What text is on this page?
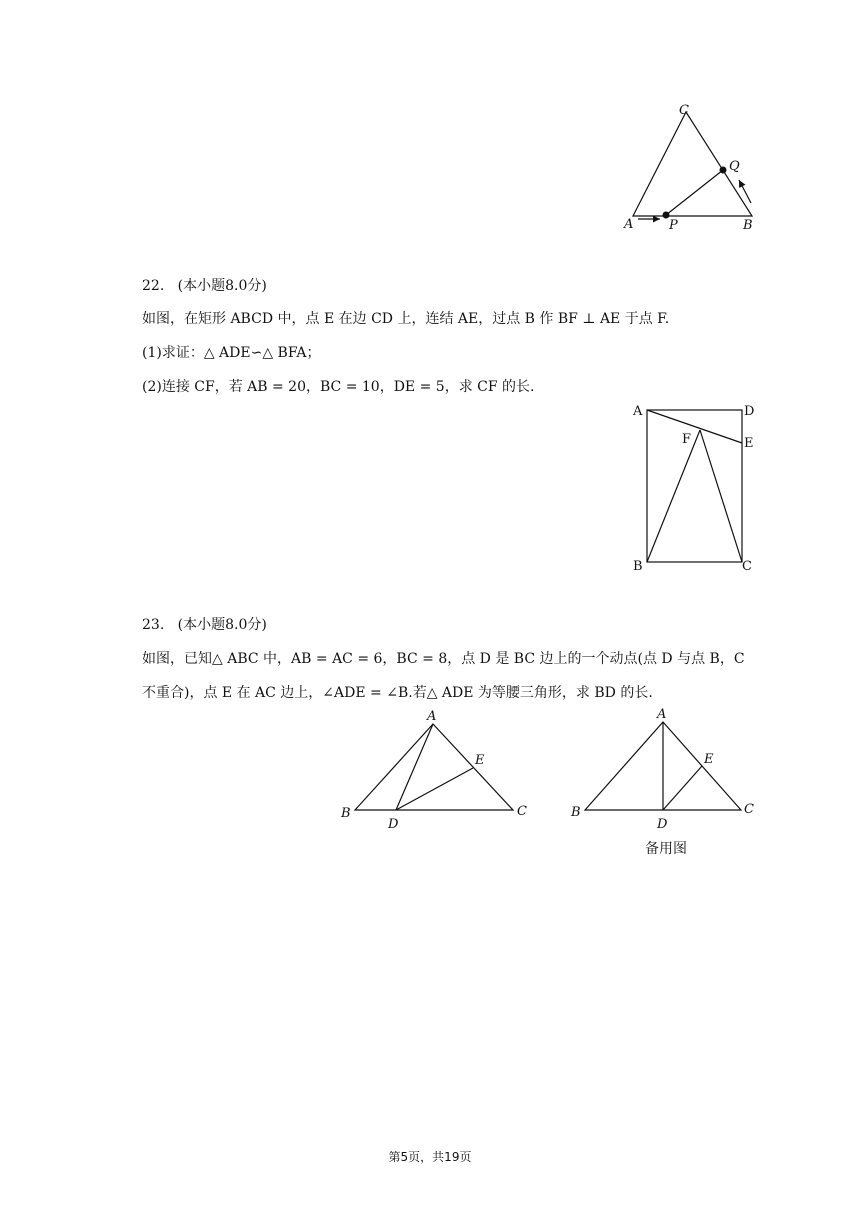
C
Q
A	P	B
22. (本小题8.0分)
如图，在矩形 ABCD 中，点 E 在边 CD 上，连结 AE，过点 B 作 BF ⊥ AE 于点 F.
(1)求证：△ ADE∽△ BFA；
(2)连接 CF，若 AB = 20，BC = 10，DE = 5，求 CF 的长.
A	D
F	E
B	C
23. (本小题8.0分)
如图，已知△ ABC 中，AB = AC = 6，BC = 8，点 D 是 BC 边上的一个动点(点 D 与点 B，C
不重合)，点 E 在 AC 边上，∠ADE = ∠B.若△ ADE 为等腰三角形，求 BD 的长.
A
E
B
D
C
A
E
B
D
C
备用图
第5页，共19页
